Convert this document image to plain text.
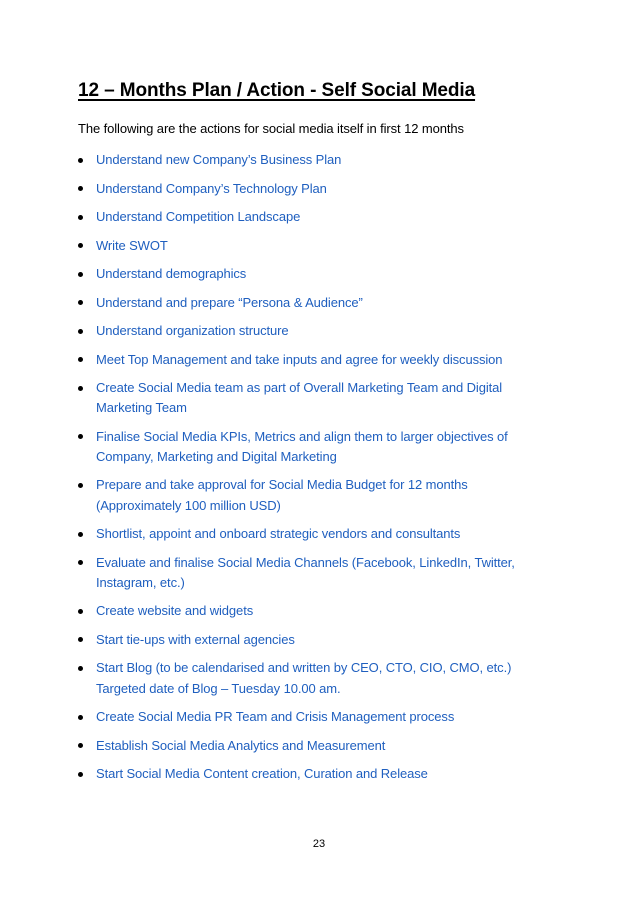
12 – Months Plan / Action - Self Social Media

The following are the actions for social media itself in first 12 months

Understand new Company’s Business Plan
Understand Company’s Technology Plan
Understand Competition Landscape
Write SWOT
Understand demographics
Understand and prepare “Persona & Audience”
Understand organization structure
Meet Top Management and take inputs and agree for weekly discussion
Create Social Media team as part of Overall Marketing Team and Digital
Marketing Team
Finalise Social Media KPIs, Metrics and align them to larger objectives of
Company, Marketing and Digital Marketing
Prepare and take approval for Social Media Budget for 12 months
(Approximately 100 million USD)
Shortlist, appoint and onboard strategic vendors and consultants
Evaluate and finalise Social Media Channels (Facebook, LinkedIn, Twitter,
Instagram, etc.)
Create website and widgets
Start tie-ups with external agencies
Start Blog (to be calendarised and written by CEO, CTO, CIO, CMO, etc.)
Targeted date of Blog – Tuesday 10.00 am.
Create Social Media PR Team and Crisis Management process
Establish Social Media Analytics and Measurement
Start Social Media Content creation, Curation and Release

23
